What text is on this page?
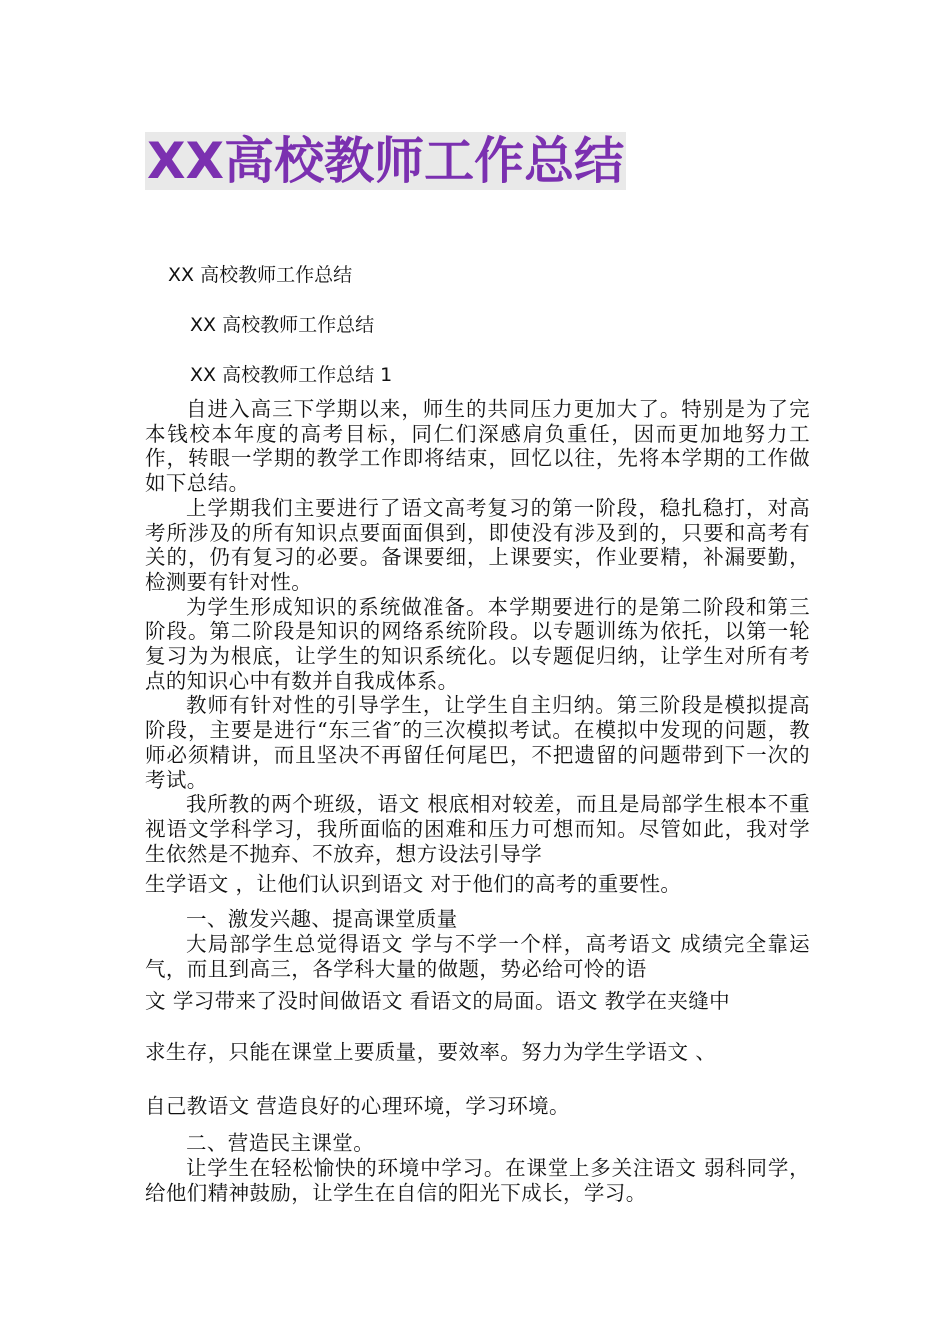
XX高校教师工作总结
XX 高校教师工作总结
XX 高校教师工作总结
XX 高校教师工作总结 1

自进入高三下学期以来，师生的共同压力更加大了。特别是为了完本钱校本年度的高考目标，同仁们深感肩负重任，因而更加地努力工作，转眼一学期的教学工作即将结束，回忆以往，先将本学期的工作做如下总结。

上学期我们主要进行了语文高考复习的第一阶段，稳扎稳打，对高考所涉及的所有知识点要面面俱到，即使没有涉及到的，只要和高考有关的，仍有复习的必要。备课要细，上课要实，作业要精，补漏要勤，检测要有针对性。

为学生形成知识的系统做准备。本学期要进行的是第二阶段和第三阶段。第二阶段是知识的网络系统阶段。以专题训练为依托，以第一轮复习为为根底，让学生的知识系统化。以专题促归纳，让学生对所有考点的知识心中有数并自我成体系。

教师有针对性的引导学生，让学生自主归纳。第三阶段是模拟提高阶段，主要是进行“东三省″的三次模拟考试。在模拟中发现的问题，教师必须精讲，而且坚决不再留任何尾巴，不把遗留的问题带到下一次的考试。

我所教的两个班级，语文 根底相对较差，而且是局部学生根本不重视语文学科学习，我所面临的困难和压力可想而知。尽管如此，我对学生依然是不抛弃、不放弃，想方设法引导学

生学语文 ，让他们认识到语文 对于他们的高考的重要性。

一、激发兴趣、提高课堂质量

大局部学生总觉得语文 学与不学一个样，高考语文 成绩完全靠运气，而且到高三，各学科大量的做题，势必给可怜的语

文 学习带来了没时间做语文 看语文的局面。语文 教学在夹缝中

求生存，只能在课堂上要质量，要效率。努力为学生学语文 、

自己教语文 营造良好的心理环境，学习环境。

二、营造民主课堂。

让学生在轻松愉快的环境中学习。在课堂上多关注语文 弱科同学，给他们精神鼓励，让学生在自信的阳光下成长，学习。
